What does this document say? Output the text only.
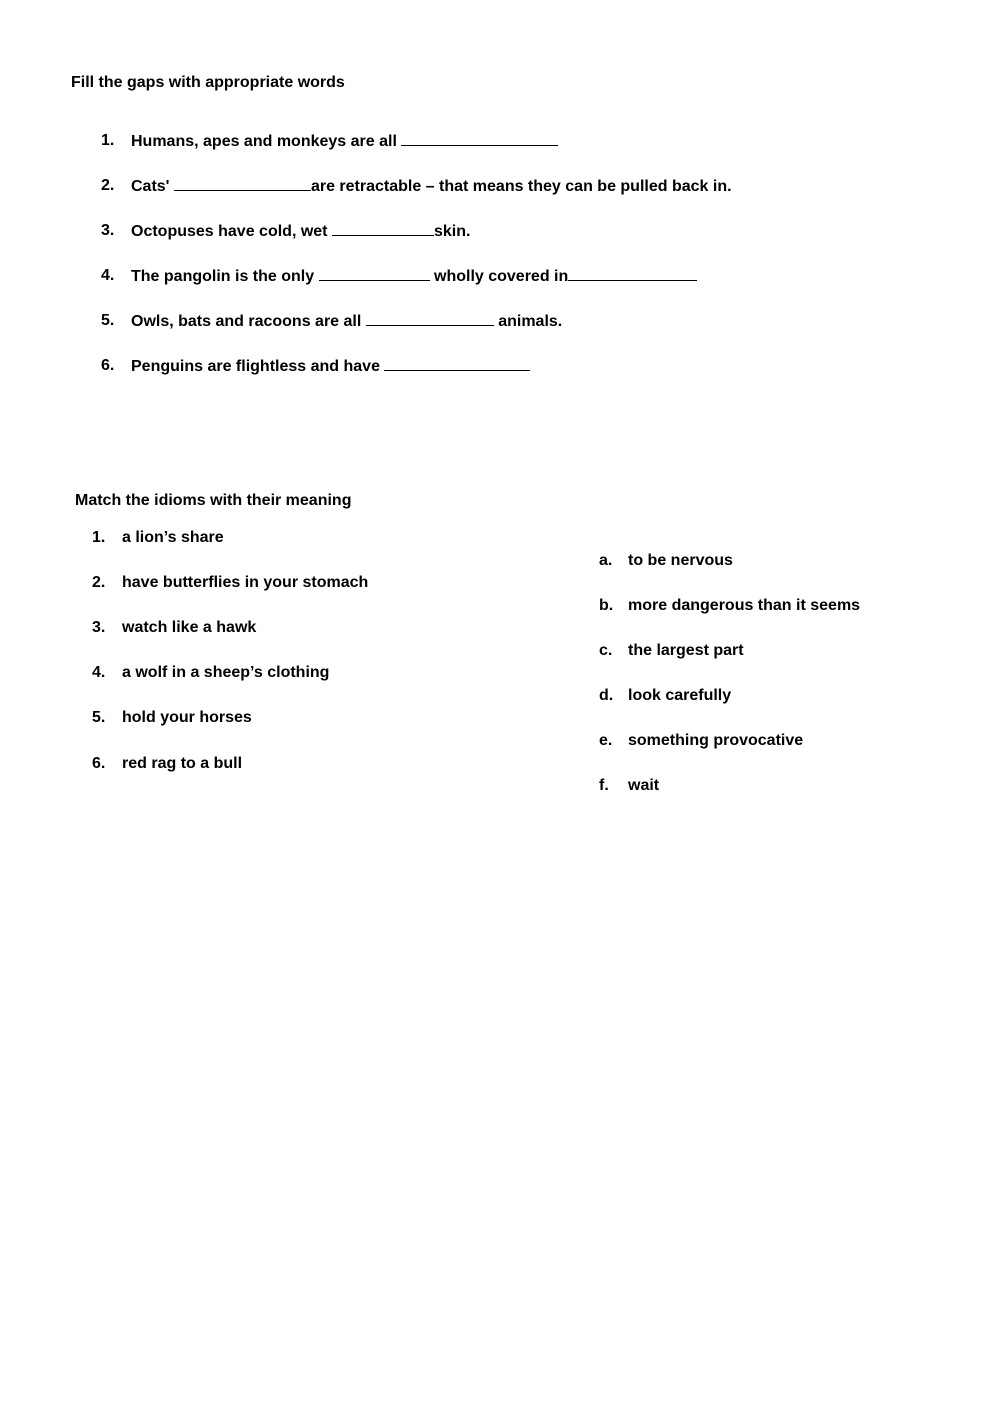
Fill the gaps with appropriate words
1. Humans, apes and monkeys are all
2. Cats'	are retractable – that means they can be pulled back in.
3. Octopuses have cold, wet	skin.
4. The pangolin is the only	wholly covered in
5. Owls, bats and racoons are all	animals.
6. Penguins are flightless and have
Match the idioms with their meaning
1. a lion’s share
2. have butterflies in your stomach
3. watch like a hawk
4. a wolf in a sheep’s clothing
5. hold your horses
6. red rag to a bull
a. to be nervous
b. more dangerous than it seems
c. the largest part
d. look carefully
e. something provocative
f. wait
